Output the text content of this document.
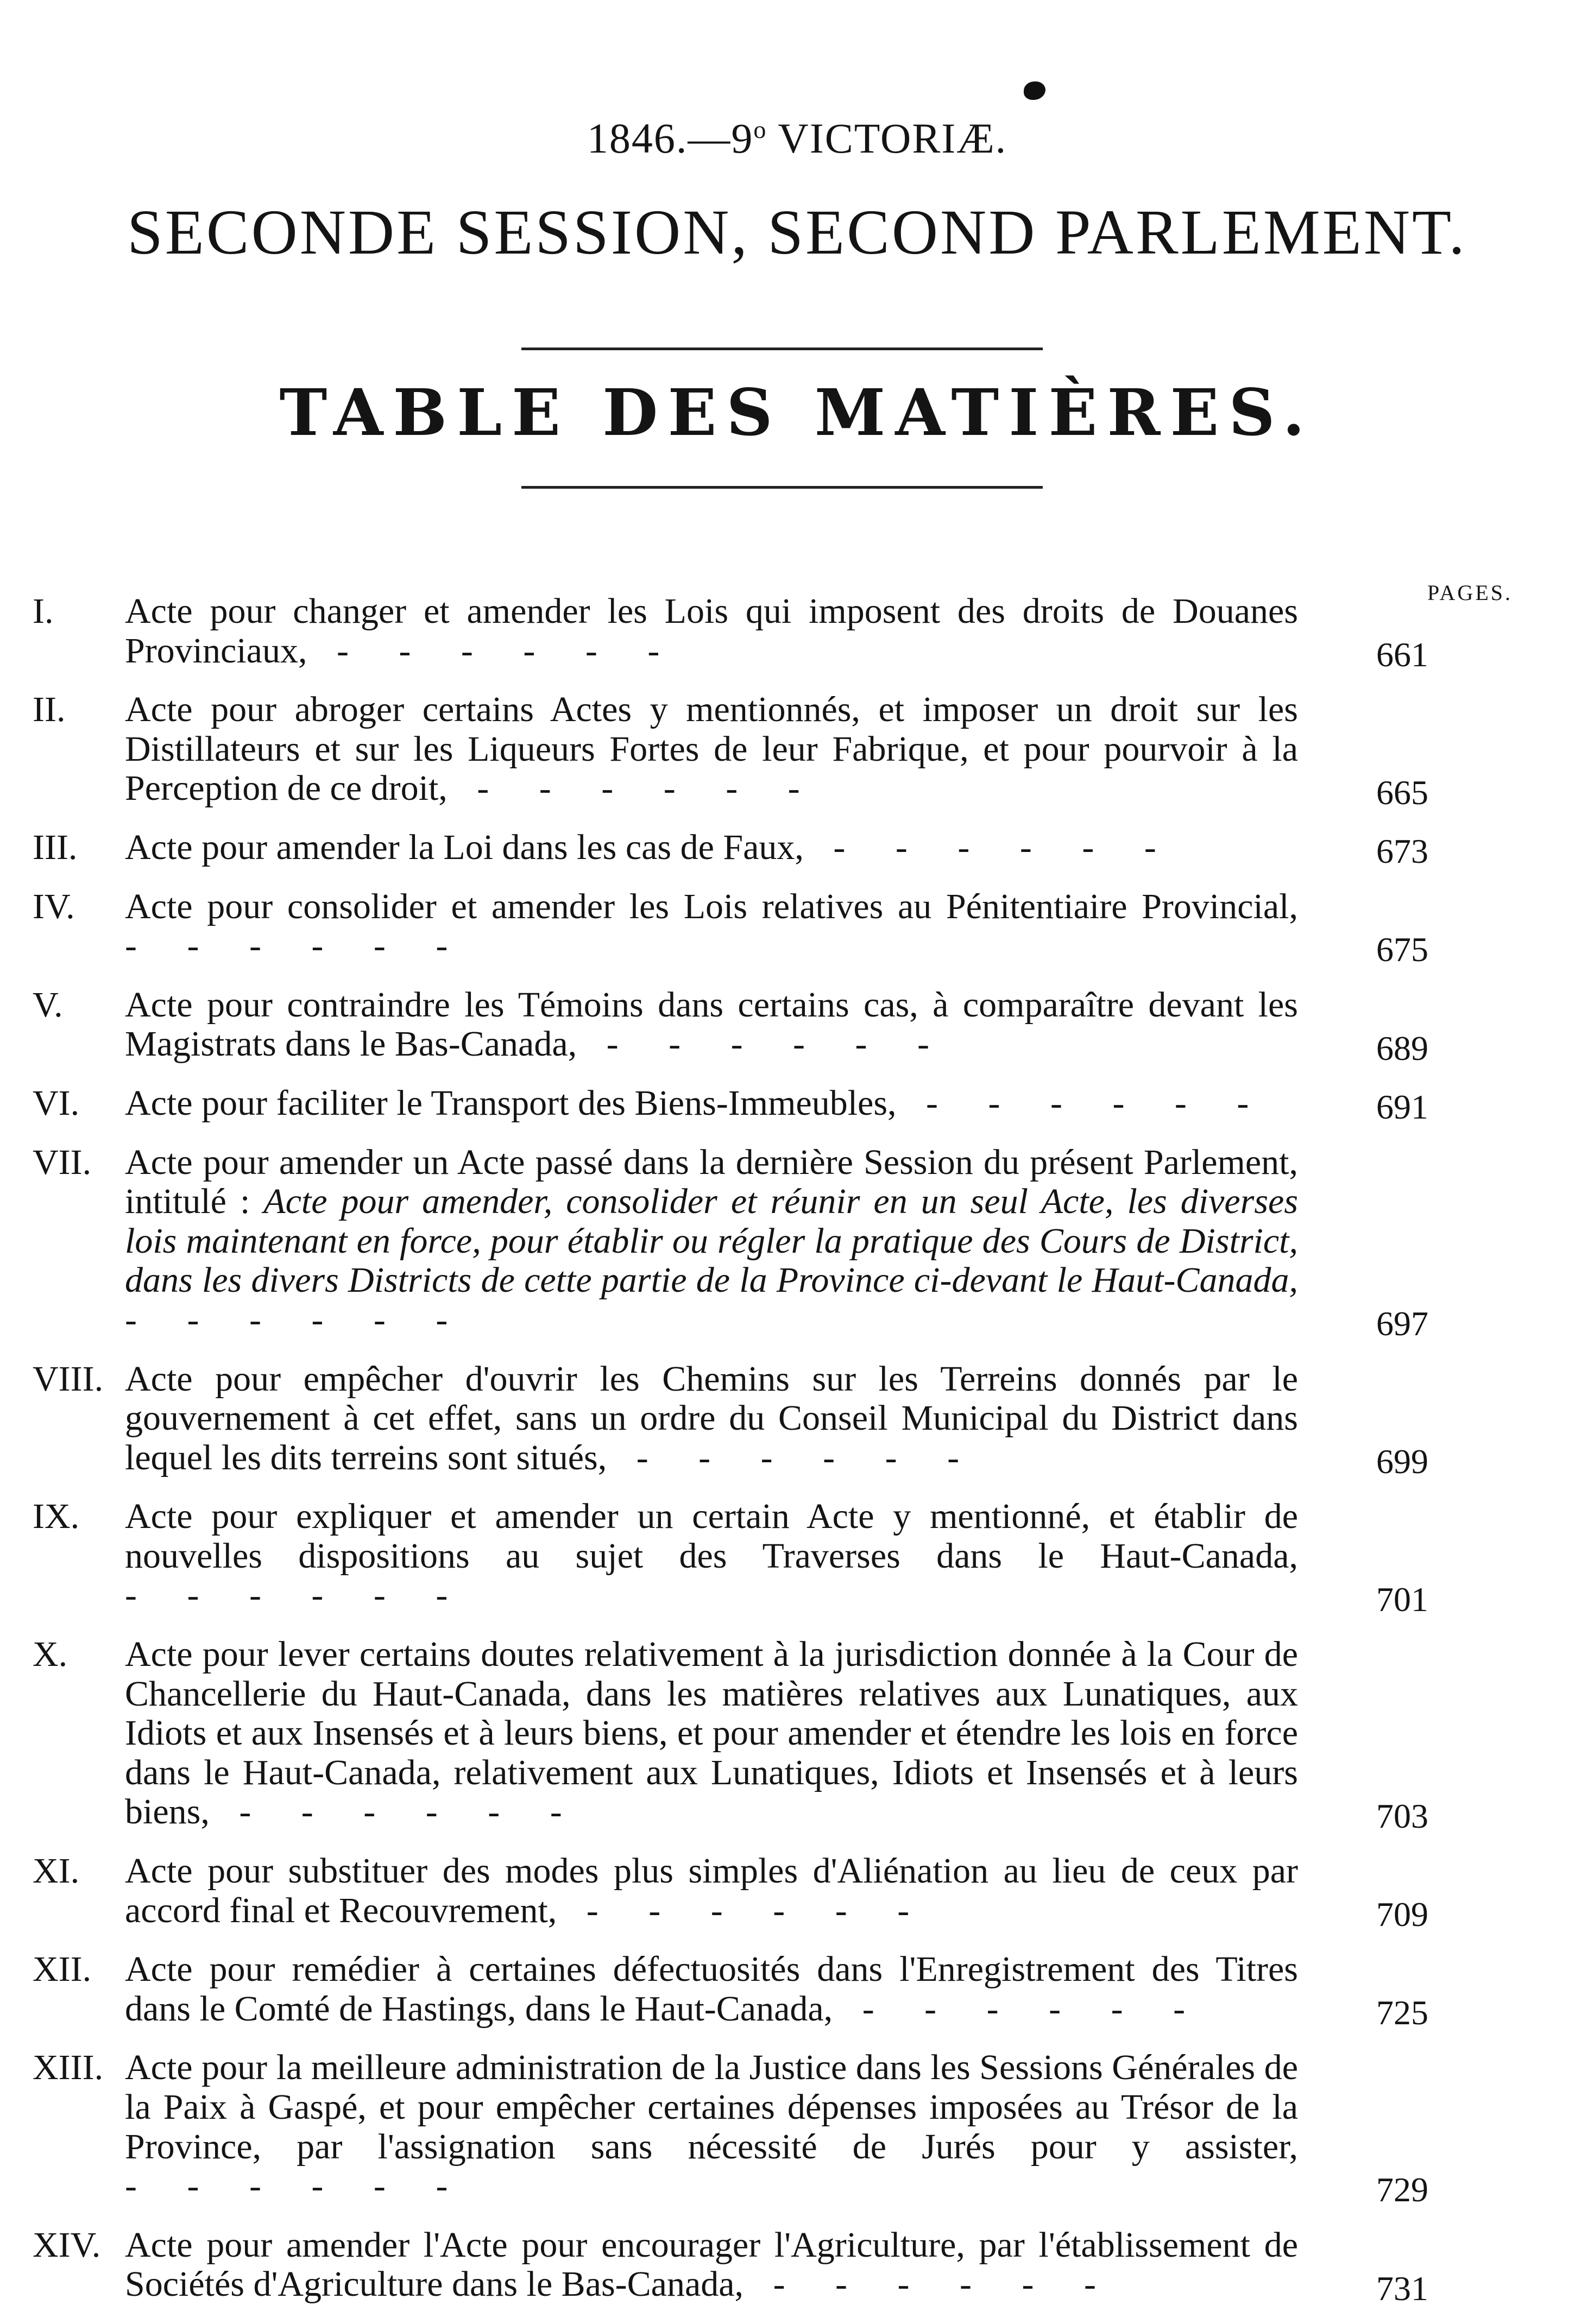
1846.—9$^o$ VICTORIÆ.
SECONDE SESSION, SECOND PARLEMENT.
TABLE DES MATIÈRES.
PAGES.
I. Acte pour changer et amender les Lois qui imposent des droits de Douanes Provinciaux, - - - - - -	661
II. Acte pour abroger certains Actes y mentionnés, et imposer un droit sur les Distillateurs et sur les Liqueurs Fortes de leur Fabrique, et pour pourvoir à la Perception de ce droit, - - - - - -	665
III. Acte pour amender la Loi dans les cas de Faux, - - - - - -	673
IV. Acte pour consolider et amender les Lois relatives au Pénitentiaire Provincial, - - - - - -	675
V. Acte pour contraindre les Témoins dans certains cas, à comparaître devant les Magistrats dans le Bas-Canada, - - - - - -	689
VI. Acte pour faciliter le Transport des Biens-Immeubles, - - - - - -	691
VII. Acte pour amender un Acte passé dans la dernière Session du présent Parlement, intitulé : Acte pour amender, consolider et réunir en un seul Acte, les diverses lois maintenant en force, pour établir ou régler la pratique des Cours de District, dans les divers Districts de cette partie de la Province ci-devant le Haut-Canada, - - - - - -	697
VIII. Acte pour empêcher d'ouvrir les Chemins sur les Terreins donnés par le gouvernement à cet effet, sans un ordre du Conseil Municipal du District dans lequel les dits terreins sont situés, - - - - - -	699
IX. Acte pour expliquer et amender un certain Acte y mentionné, et établir de nouvelles dispositions au sujet des Traverses dans le Haut-Canada, - - - - - -	701
X. Acte pour lever certains doutes relativement à la jurisdiction donnée à la Cour de Chancellerie du Haut-Canada, dans les matières relatives aux Lunatiques, aux Idiots et aux Insensés et à leurs biens, et pour amender et étendre les lois en force dans le Haut-Canada, relativement aux Lunatiques, Idiots et Insensés et à leurs biens, - - - - - -	703
XI. Acte pour substituer des modes plus simples d'Aliénation au lieu de ceux par accord final et Recouvrement, - - - - - -	709
XII. Acte pour remédier à certaines défectuosités dans l'Enregistrement des Titres dans le Comté de Hastings, dans le Haut-Canada, - - - - - -	725
XIII. Acte pour la meilleure administration de la Justice dans les Sessions Générales de la Paix à Gaspé, et pour empêcher certaines dépenses imposées au Trésor de la Province, par l'assignation sans nécessité de Jurés pour y assister, - - - - - -	729
XIV. Acte pour amender l'Acte pour encourager l'Agriculture, par l'établissement de Sociétés d'Agriculture dans le Bas-Canada, - - - - - -	731
